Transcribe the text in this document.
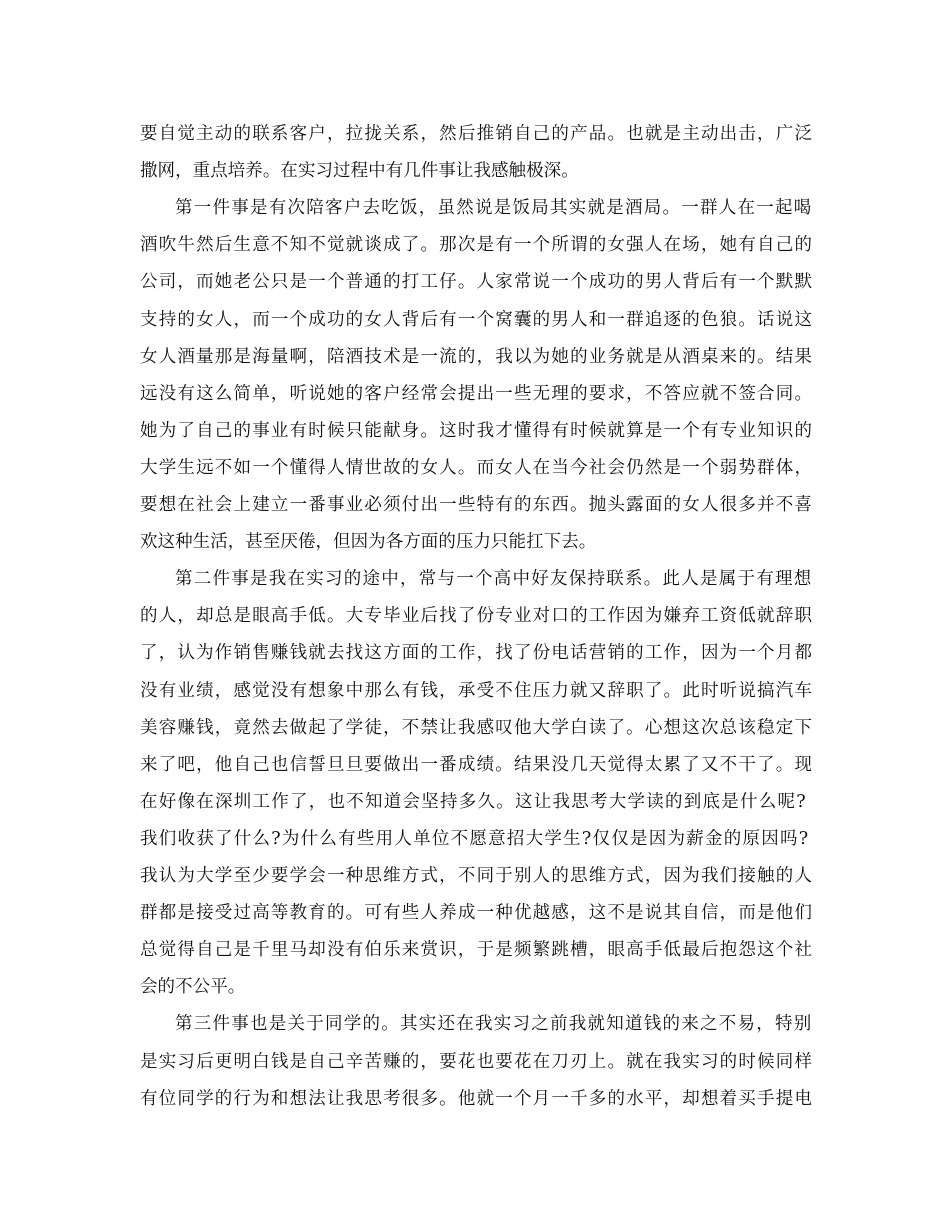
要自觉主动的联系客户，拉拢关系，然后推销自己的产品。也就是主动出击，广泛
撒网，重点培养。在实习过程中有几件事让我感触极深。
第一件事是有次陪客户去吃饭，虽然说是饭局其实就是酒局。一群人在一起喝
酒吹牛然后生意不知不觉就谈成了。那次是有一个所谓的女强人在场，她有自己的
公司，而她老公只是一个普通的打工仔。人家常说一个成功的男人背后有一个默默
支持的女人，而一个成功的女人背后有一个窝囊的男人和一群追逐的色狼。话说这
女人酒量那是海量啊，陪酒技术是一流的，我以为她的业务就是从酒桌来的。结果
远没有这么简单，听说她的客户经常会提出一些无理的要求，不答应就不签合同。
她为了自己的事业有时候只能献身。这时我才懂得有时候就算是一个有专业知识的
大学生远不如一个懂得人情世故的女人。而女人在当今社会仍然是一个弱势群体，
要想在社会上建立一番事业必须付出一些特有的东西。抛头露面的女人很多并不喜
欢这种生活，甚至厌倦，但因为各方面的压力只能扛下去。
第二件事是我在实习的途中，常与一个高中好友保持联系。此人是属于有理想
的人，却总是眼高手低。大专毕业后找了份专业对口的工作因为嫌弃工资低就辞职
了，认为作销售赚钱就去找这方面的工作，找了份电话营销的工作，因为一个月都
没有业绩，感觉没有想象中那么有钱，承受不住压力就又辞职了。此时听说搞汽车
美容赚钱，竟然去做起了学徒，不禁让我感叹他大学白读了。心想这次总该稳定下
来了吧，他自己也信誓旦旦要做出一番成绩。结果没几天觉得太累了又不干了。现
在好像在深圳工作了，也不知道会坚持多久。这让我思考大学读的到底是什么呢?
我们收获了什么?为什么有些用人单位不愿意招大学生?仅仅是因为薪金的原因吗?
我认为大学至少要学会一种思维方式，不同于别人的思维方式，因为我们接触的人
群都是接受过高等教育的。可有些人养成一种优越感，这不是说其自信，而是他们
总觉得自己是千里马却没有伯乐来赏识，于是频繁跳槽，眼高手低最后抱怨这个社
会的不公平。
第三件事也是关于同学的。其实还在我实习之前我就知道钱的来之不易，特别
是实习后更明白钱是自己辛苦赚的，要花也要花在刀刃上。就在我实习的时候同样
有位同学的行为和想法让我思考很多。他就一个月一千多的水平，却想着买手提电
